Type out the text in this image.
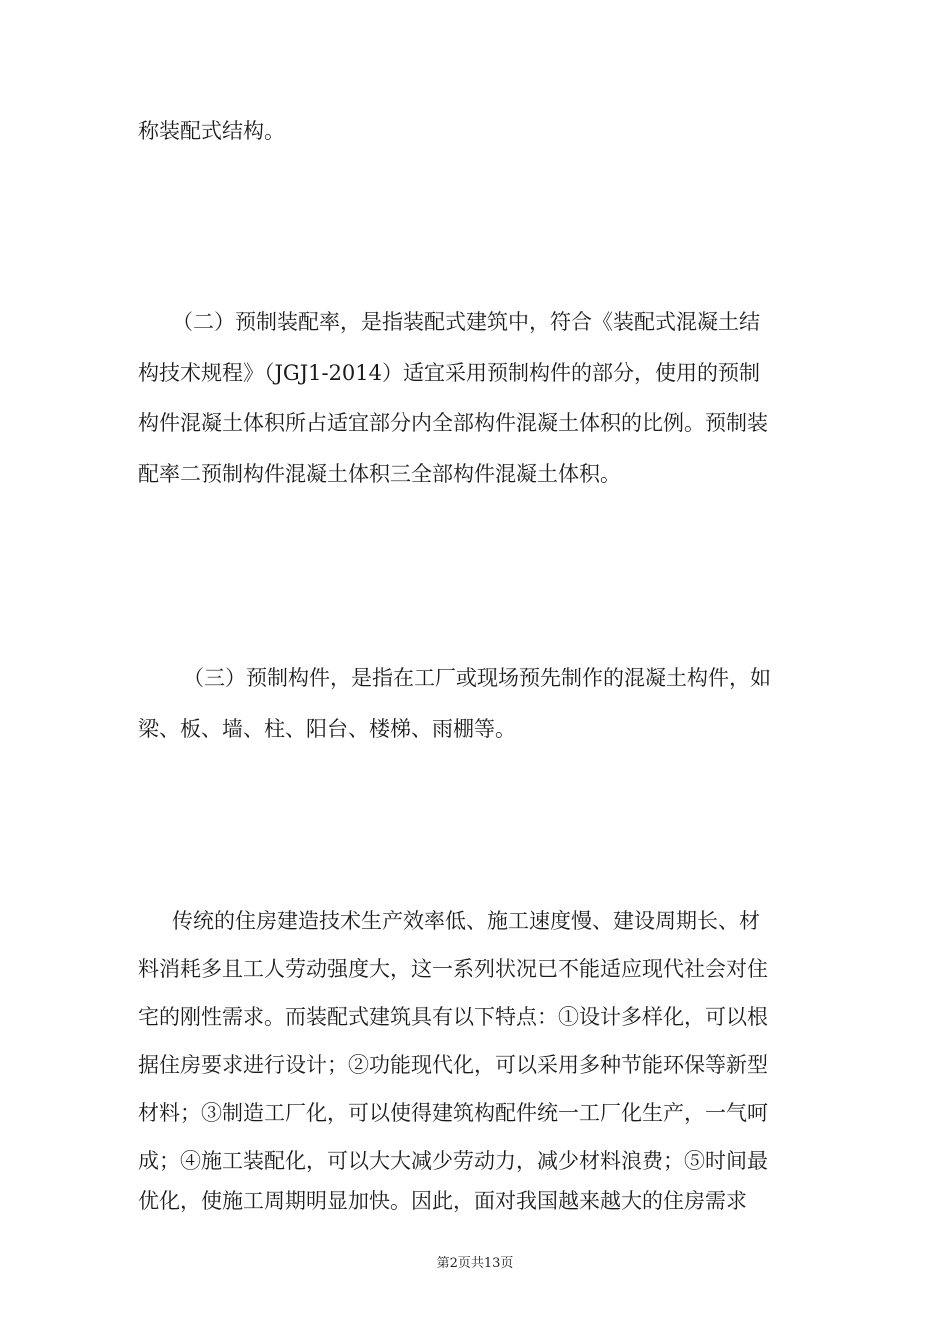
称装配式结构。
（二）预制装配率，是指装配式建筑中，符合《装配式混凝土结
构技术规程》（JGJ1-2014）适宜采用预制构件的部分，使用的预制
构件混凝土体积所占适宜部分内全部构件混凝土体积的比例。预制装
配率二预制构件混凝土体积三全部构件混凝土体积。
（三）预制构件，是指在工厂或现场预先制作的混凝土构件，如
梁、板、墙、柱、阳台、楼梯、雨棚等。
传统的住房建造技术生产效率低、施工速度慢、建设周期长、材
料消耗多且工人劳动强度大，这一系列状况已不能适应现代社会对住
宅的刚性需求。而装配式建筑具有以下特点：①设计多样化，可以根
据住房要求进行设计；②功能现代化，可以采用多种节能环保等新型
材料；③制造工厂化，可以使得建筑构配件统一工厂化生产，一气呵
成；④施工装配化，可以大大减少劳动力，减少材料浪费；⑤时间最
优化，使施工周期明显加快。因此，面对我国越来越大的住房需求
第2页共13页
